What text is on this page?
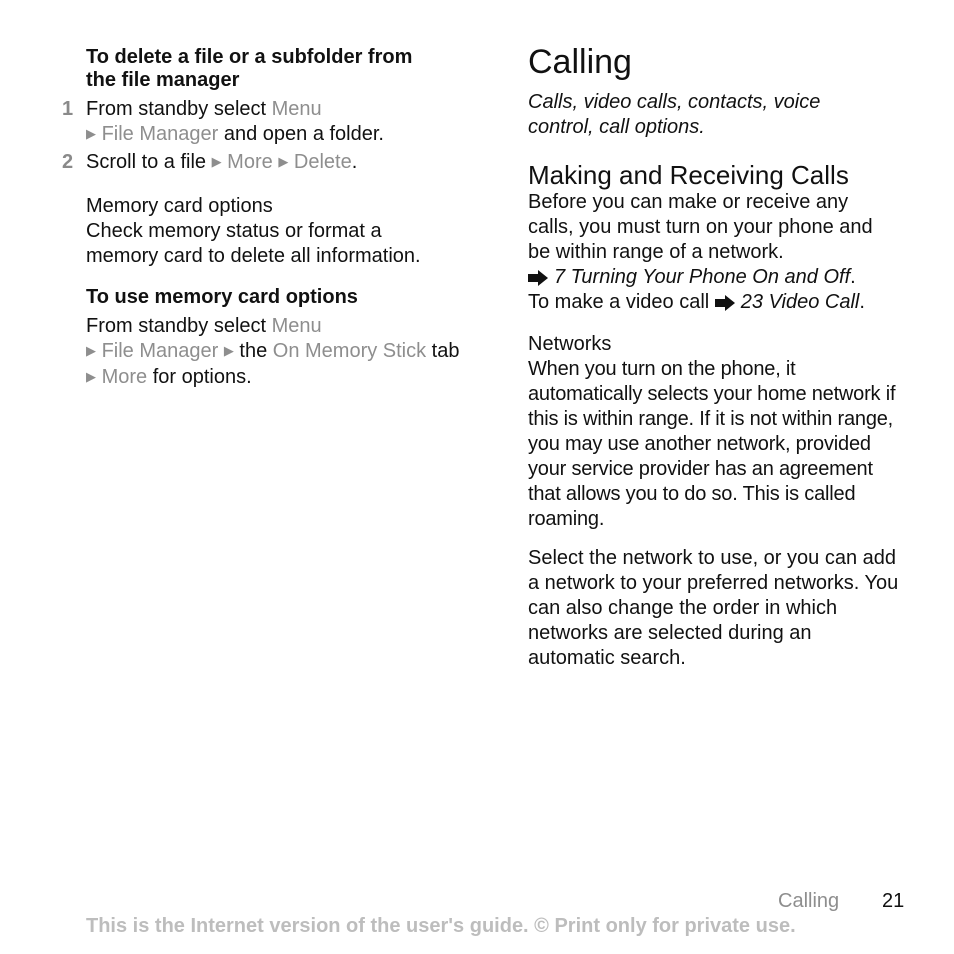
To delete a file or a subfolder from the file manager

1 From standby select Menu
▶ File Manager and open a folder.

2 Scroll to a file ▶ More ▶ Delete.

Memory card options

Check memory status or format a memory card to delete all information.

To use memory card options

From standby select Menu
▶ File Manager ▶ the On Memory Stick tab ▶ More for options.

Calling

Calls, video calls, contacts, voice control, call options.

Making and Receiving Calls

Before you can make or receive any calls, you must turn on your phone and be within range of a network.

7 Turning Your Phone On and Off.

To make a video call 23 Video Call.

Networks

When you turn on the phone, it automatically selects your home network if this is within range. If it is not within range, you may use another network, provided your service provider has an agreement that allows you to do so. This is called roaming.

Select the network to use, or you can add a network to your preferred networks. You can also change the order in which networks are selected during an automatic search.

Calling 21
This is the Internet version of the user's guide. © Print only for private use.
